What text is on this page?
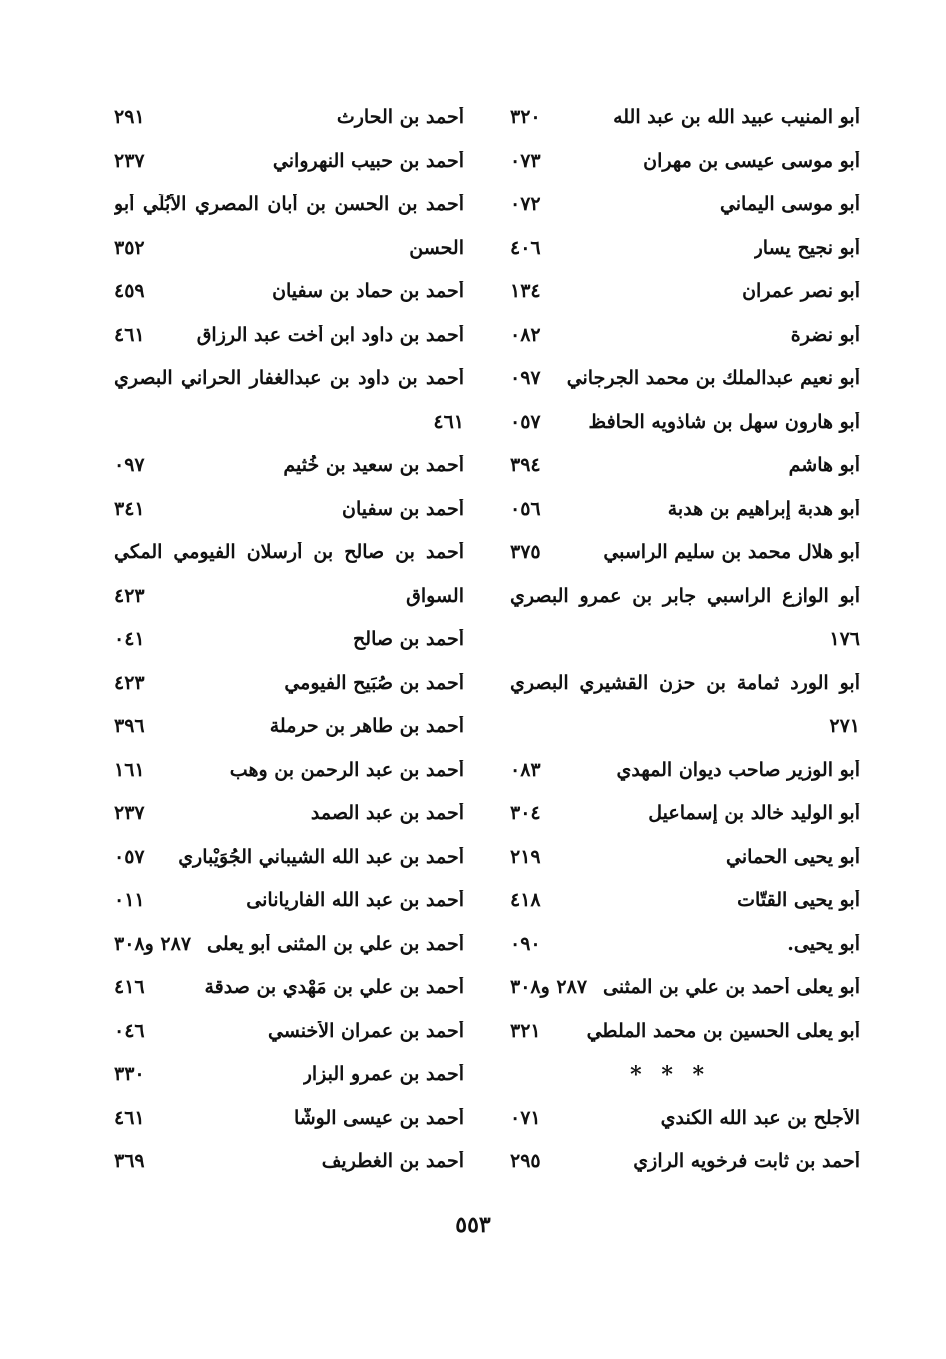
أبو المنيب عبيد الله بن عبد الله
٣٢٠
أبو موسى عيسى بن مهران
٠٧٣
أبو موسى اليماني
٠٧٢
أبو نجيح يسار
٤٠٦
أبو نصر عمران
١٣٤
أبو نضرة
٠٨٢
أبو نعيم عبدالملك بن محمد الجرجاني
٠٩٧
أبو هارون سهل بن شاذويه الحافظ
٠٥٧
أبو هاشم
٣٩٤
أبو هدبة إبراهيم بن هدبة
٠٥٦
أبو هلال محمد بن سليم الراسبي
٣٧٥
أبو الوازع الراسبي جابر بن عمرو البصري
١٧٦
أبو الورد ثمامة بن حزن القشيري البصري
٢٧١
أبو الوزير صاحب ديوان المهدي
٠٨٣
أبو الوليد خالد بن إسماعيل
٣٠٤
أبو يحيى الحماني
٢١٩
أبو يحيى القتّات
٤١٨
أبو يحيى.
٠٩٠
أبو يعلى أحمد بن علي بن المثنى
٢٨٧ و٣٠٨
أبو يعلى الحسين بن محمد الملطي
٣٢١
* * *
الأجلح بن عبد الله الكندي
٠٧١
أحمد بن ثابت فرخويه الرازي
٢٩٥
أحمد بن الحارث
٢٩١
أحمد بن حبيب النهرواني
٢٣٧
أحمد بن الحسن بن أبان المصري الأبُلِّي أبو
الحسن
٣٥٢
أحمد بن حماد بن سفيان
٤٥٩
أحمد بن داود ابن أخت عبد الرزاق
٤٦١
أحمد بن داود بن عبدالغفار الحراني البصري
٤٦١
أحمد بن سعيد بن خُثيم
٠٩٧
أحمد بن سفيان
٣٤١
أحمد بن صالح بن أرسلان الفيومي المكي
السواق
٤٢٣
أحمد بن صالح
٠٤١
أحمد بن صُبَيح الفيومي
٤٢٣
أحمد بن طاهر بن حرملة
٣٩٦
أحمد بن عبد الرحمن بن وهب
١٦١
أحمد بن عبد الصمد
٢٣٧
أحمد بن عبد الله الشيباني الجُوَيْباري
٠٥٧
أحمد بن عبد الله الفاريانانى
٠١١
أحمد بن علي بن المثنى أبو يعلى
٢٨٧ و٣٠٨
أحمد بن علي بن مَهْدي بن صدقة
٤١٦
أحمد بن عمران الأخنسي
٠٤٦
أحمد بن عمرو البزار
٣٣٠
أحمد بن عيسى الوشّا
٤٦١
أحمد بن الغطريف
٣٦٩
٥٥٣
